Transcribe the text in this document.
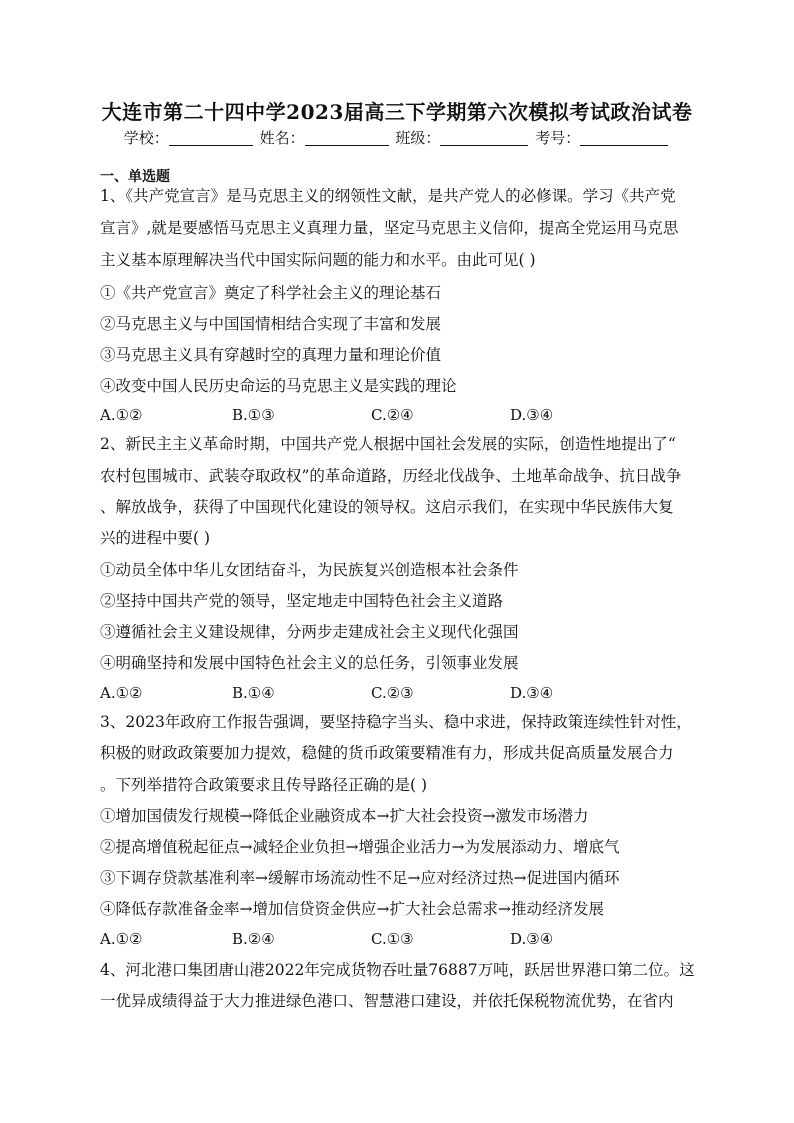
大连市第二十四中学2023届高三下学期第六次模拟考试政治试卷
学校：	姓名：	班级：	考号：
一、单选题
1、《共产党宣言》是马克思主义的纲领性文献，是共产党人的必修课。学习《共产党
宣言》,就是要感悟马克思主义真理力量，坚定马克思主义信仰，提高全党运用马克思
主义基本原理解决当代中国实际问题的能力和水平。由此可见( )
①《共产党宣言》奠定了科学社会主义的理论基石
②马克思主义与中国国情相结合实现了丰富和发展
③马克思主义具有穿越时空的真理力量和理论价值
④改变中国人民历史命运的马克思主义是实践的理论
A.①②	B.①③	C.②④	D.③④
2、新民主主义革命时期，中国共产党人根据中国社会发展的实际，创造性地提出了“
农村包围城市、武装夺取政权”的革命道路，历经北伐战争、土地革命战争、抗日战争
、解放战争，获得了中国现代化建设的领导权。这启示我们，在实现中华民族伟大复
兴的进程中要( )
①动员全体中华儿女团结奋斗，为民族复兴创造根本社会条件
②坚持中国共产党的领导，坚定地走中国特色社会主义道路
③遵循社会主义建设规律，分两步走建成社会主义现代化强国
④明确坚持和发展中国特色社会主义的总任务，引领事业发展
A.①②	B.①④	C.②③	D.③④
3、2023年政府工作报告强调，要坚持稳字当头、稳中求进，保持政策连续性针对性，
积极的财政政策要加力提效，稳健的货币政策要精准有力，形成共促高质量发展合力
。下列举措符合政策要求且传导路径正确的是( )
①增加国债发行规模→降低企业融资成本→扩大社会投资→激发市场潜力
②提高增值税起征点→减轻企业负担→增强企业活力→为发展添动力、增底气
③下调存贷款基准利率→缓解市场流动性不足→应对经济过热→促进国内循环
④降低存款准备金率→增加信贷资金供应→扩大社会总需求→推动经济发展
A.①②	B.②④	C.①③	D.③④
4、河北港口集团唐山港2022年完成货物吞吐量76887万吨，跃居世界港口第二位。这
一优异成绩得益于大力推进绿色港口、智慧港口建设，并依托保税物流优势，在省内
